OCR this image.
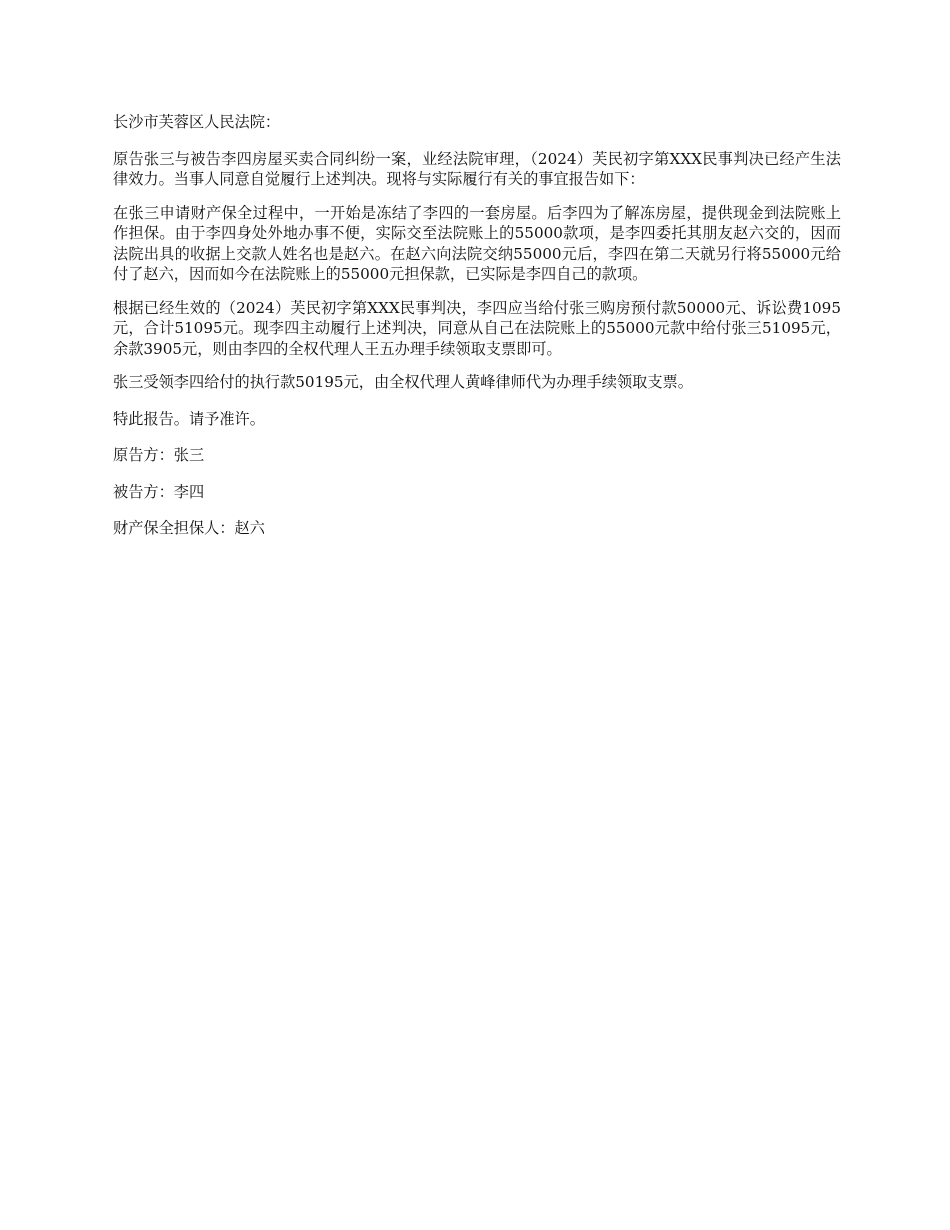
长沙市芙蓉区人民法院：

原告张三与被告李四房屋买卖合同纠纷一案，业经法院审理，（2024）芙民初字第XXX民事判决已经产生法律效力。当事人同意自觉履行上述判决。现将与实际履行有关的事宜报告如下：

在张三申请财产保全过程中，一开始是冻结了李四的一套房屋。后李四为了解冻房屋，提供现金到法院账上作担保。由于李四身处外地办事不便，实际交至法院账上的55000款项，是李四委托其朋友赵六交的，因而法院出具的收据上交款人姓名也是赵六。在赵六向法院交纳55000元后，李四在第二天就另行将55000元给付了赵六，因而如今在法院账上的55000元担保款，已实际是李四自己的款项。

根据已经生效的（2024）芙民初字第XXX民事判决，李四应当给付张三购房预付款50000元、诉讼费1095元，合计51095元。现李四主动履行上述判决，同意从自己在法院账上的55000元款中给付张三51095元，余款3905元，则由李四的全权代理人王五办理手续领取支票即可。

张三受领李四给付的执行款50195元，由全权代理人黄峰律师代为办理手续领取支票。

特此报告。请予准许。

原告方：张三

被告方：李四

财产保全担保人：赵六
